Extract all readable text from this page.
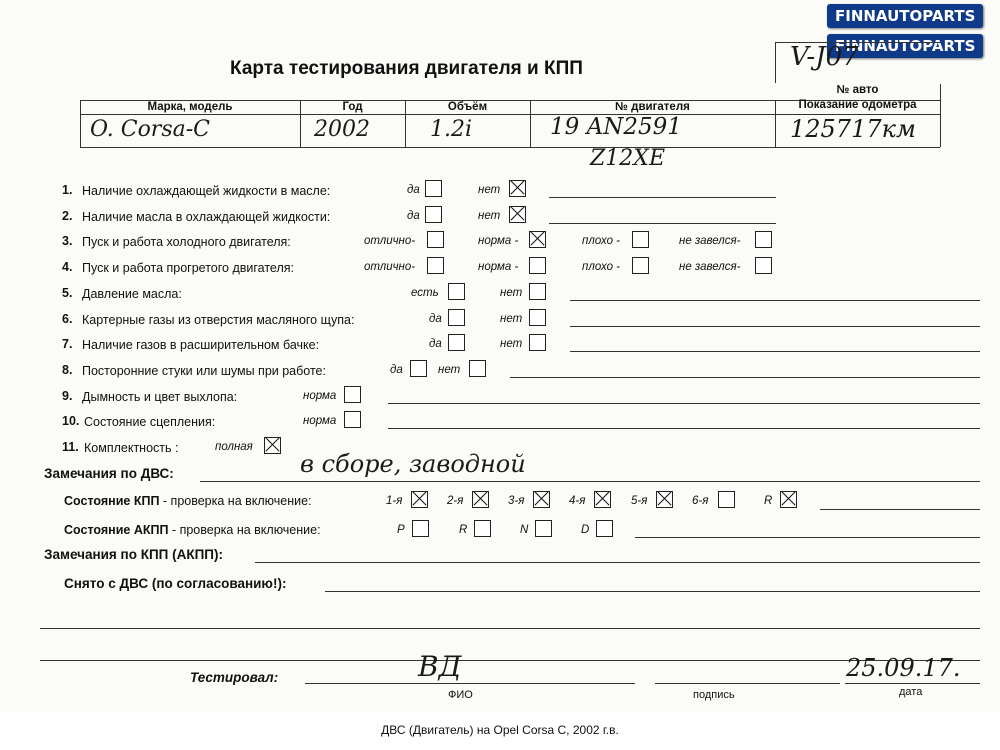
FINNAUTOPARTS
FINNAUTOPARTS
Карта тестирования двигателя и КПП	V-J07
№ авто
Марка, модель	Год	Объём	№ двигателя	Показание одометра
O. Corsa-C	2002	1.2i	19 AN2591	125717км
Z12XE
1. Наличие охлаждающей жидкости в масле:	да	нет
2. Наличие масла в охлаждающей жидкости:	да	нет
3. Пуск и работа холодного двигателя:	отлично-	норма -	плохо -	не завелся-
4. Пуск и работа прогретого двигателя:	отлично-	норма -	плохо -	не завелся-
5. Давление масла:	есть	нет
6. Картерные газы из отверстия масляного щупа:	да	нет
7. Наличие газов в расширительном бачке:	да	нет
8. Посторонние стуки или шумы при работе:	да	нет
9. Дымность и цвет выхлопа:	норма
10. Состояние сцепления:	норма
11. Комплектность :	полная
Замечания по ДВС:	в сборе, заводной
Состояние КПП - проверка на включение:	1-я	2-я	3-я	4-я	5-я	6-я	R
Состояние АКПП - проверка на включение:	P	R	N	D
Замечания по КПП (АКПП):
Снято с ДВС (по согласованию!):
Тестировал:	ВД	25.09.17.
ФИО	подпись	дата
ДВС (Двигатель) на Opel Corsa C, 2002 г.в.
